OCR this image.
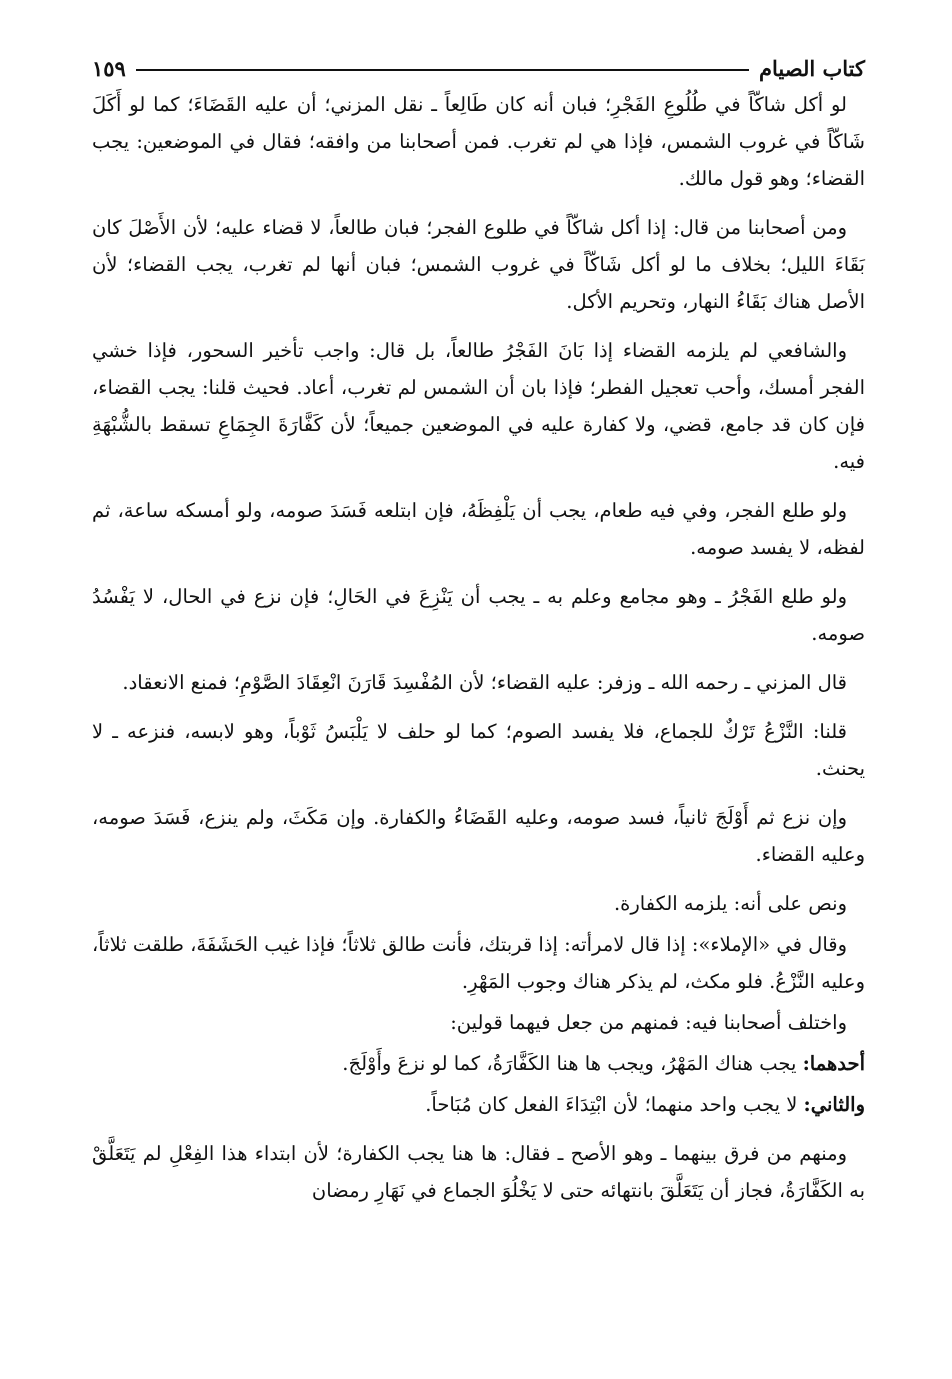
كتاب الصيام
١٥٩

لو أكل شاكّاً في طُلُوعِ الفَجْرِ؛ فبان أنه كان طَالِعاً ـ نقل المزني؛ أن عليه القَضَاءَ؛ كما لو أَكَلَ شَاكّاً في غروب الشمس، فإذا هي لم تغرب. فمن أصحابنا من وافقه؛ فقال في الموضعين: يجب القضاء؛ وهو قول مالك.

ومن أصحابنا من قال: إذا أكل شاكّاً في طلوع الفجر؛ فبان طالعاً، لا قضاء عليه؛ لأن الأَصْلَ كان بَقَاءَ الليل؛ بخلاف ما لو أكل شَاكّاً في غروب الشمس؛ فبان أنها لم تغرب، يجب القضاء؛ لأن الأصل هناك بَقَاءُ النهار، وتحريم الأكل.

والشافعي لم يلزمه القضاء إذا بَانَ الفَجْرُ طالعاً، بل قال: واجب تأخير السحور، فإذا خشي الفجر أمسك، وأحب تعجيل الفطر؛ فإذا بان أن الشمس لم تغرب، أعاد. فحيث قلنا: يجب القضاء، فإن كان قد جامع، قضي، ولا كفارة عليه في الموضعين جميعاً؛ لأن كَفَّارَةَ الجِمَاعِ تسقط بالشُّبْهَةِ فيه.

ولو طلع الفجر، وفي فيه طعام، يجب أن يَلْفِظَهُ، فإن ابتلعه فَسَدَ صومه، ولو أمسكه ساعة، ثم لفظه، لا يفسد صومه.

ولو طلع الفَجْرُ ـ وهو مجامع وعلم به ـ يجب أن يَنْزِعَ في الحَالِ؛ فإن نزع في الحال، لا يَفْسُدُ صومه.

قال المزني ـ رحمه الله ـ وزفر: عليه القضاء؛ لأن المُفْسِدَ قَارَنَ انْعِقَادَ الصَّوْمِ؛ فمنع الانعقاد.

قلنا: النَّزْعُ تَرْكٌ للجماع، فلا يفسد الصوم؛ كما لو حلف لا يَلْبَسُ ثَوْباً، وهو لابسه، فنزعه ـ لا يحنث.

وإن نزع ثم أَوْلَجَ ثانياً، فسد صومه، وعليه القَضَاءُ والكفارة. وإن مَكَثَ، ولم ينزع، فَسَدَ صومه، وعليه القضاء.

ونص على أنه: يلزمه الكفارة.

وقال في «الإملاء»: إذا قال لامرأته: إذا قربتك، فأنت طالق ثلاثاً؛ فإذا غيب الحَشَفَةَ، طلقت ثلاثاً، وعليه النَّزْعُ. فلو مكث، لم يذكر هناك وجوب المَهْرِ.

واختلف أصحابنا فيه: فمنهم من جعل فيهما قولين:

أحدهما: يجب هناك المَهْرُ، ويجب ها هنا الكَفَّارَةُ، كما لو نزعَ وأَوْلَجَ.

والثاني: لا يجب واحد منهما؛ لأن ابْتِدَاءَ الفعل كان مُبَاحاً.

ومنهم من فرق بينهما ـ وهو الأصح ـ فقال: ها هنا يجب الكفارة؛ لأن ابتداء هذا الفِعْلِ لم يَتَعَلَّقْ به الكَفَّارَةُ، فجاز أن يَتَعَلَّقَ بانتهائه حتى لا يَخْلُوَ الجماع في نَهَارِ رمضان
